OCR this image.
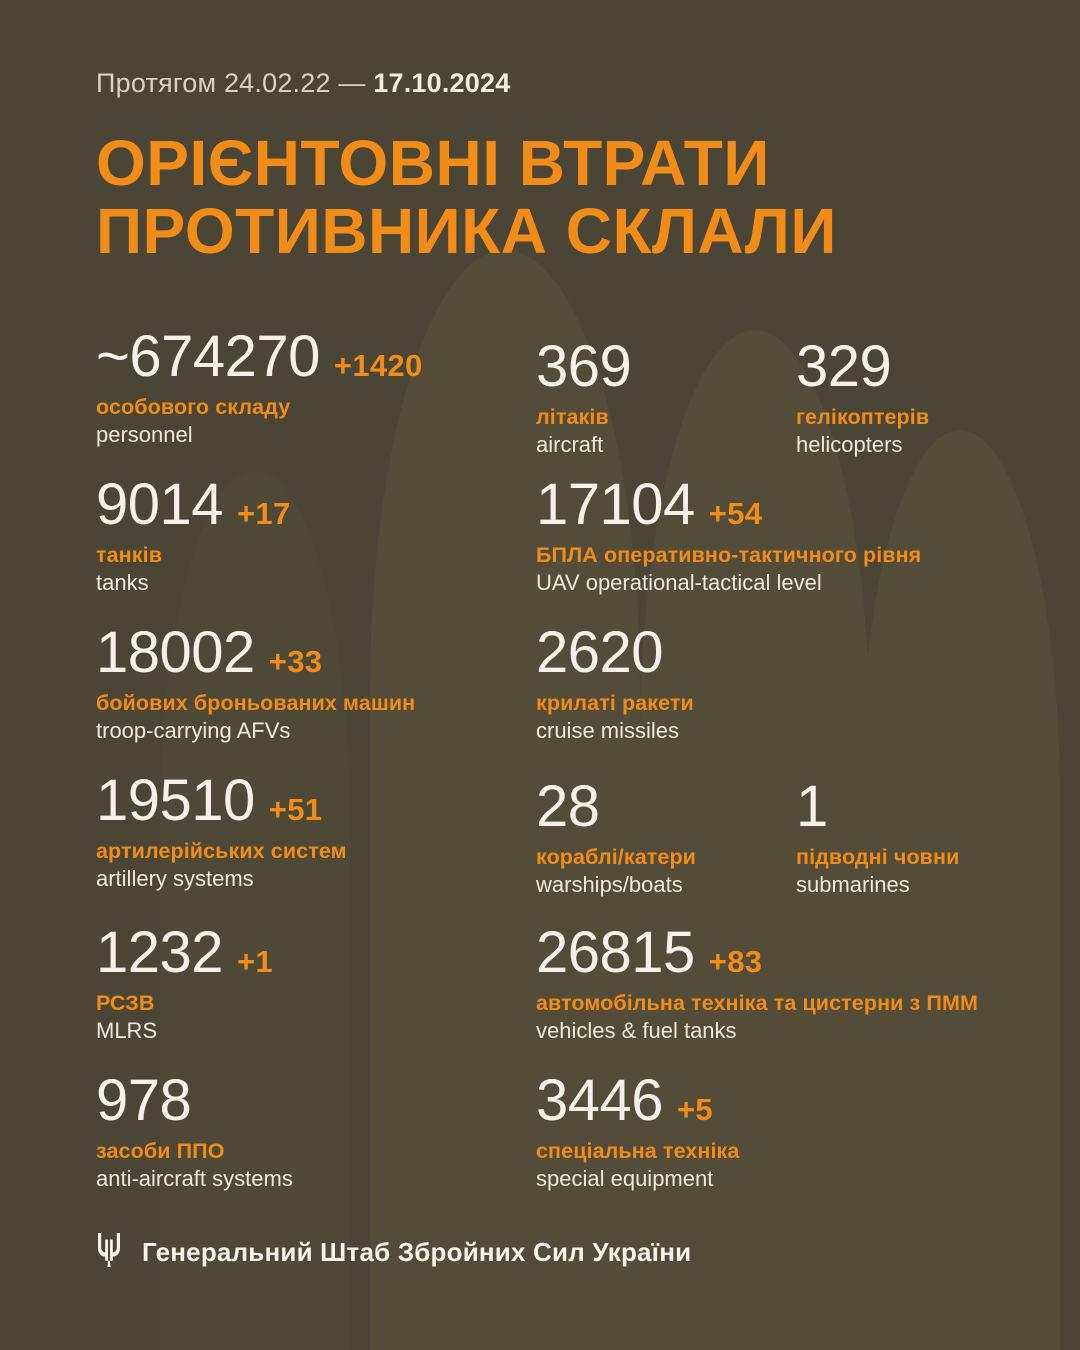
Протягом 24.02.22 — 17.10.2024
ОРІЄНТОВНІ ВТРАТИ
ПРОТИВНИКА СКЛАЛИ
~674270 +1420
особового складу
personnel
369
літаків
aircraft
329
гелікоптерів
helicopters
9014 +17
танків
tanks
17104 +54
БПЛА оперативно-тактичного рівня
UAV operational-tactical level
18002 +33
бойових броньованих машин
troop-carrying AFVs
2620
крилаті ракети
cruise missiles
19510 +51
артилерійських систем
artillery systems
28
кораблі/катери
warships/boats
1
підводні човни
submarines
1232 +1
РСЗВ
MLRS
26815 +83
автомобільна техніка та цистерни з ПММ
vehicles & fuel tanks
978
засоби ППО
anti-aircraft systems
3446 +5
спеціальна техніка
special equipment
Генеральний Штаб Збройних Сил України
